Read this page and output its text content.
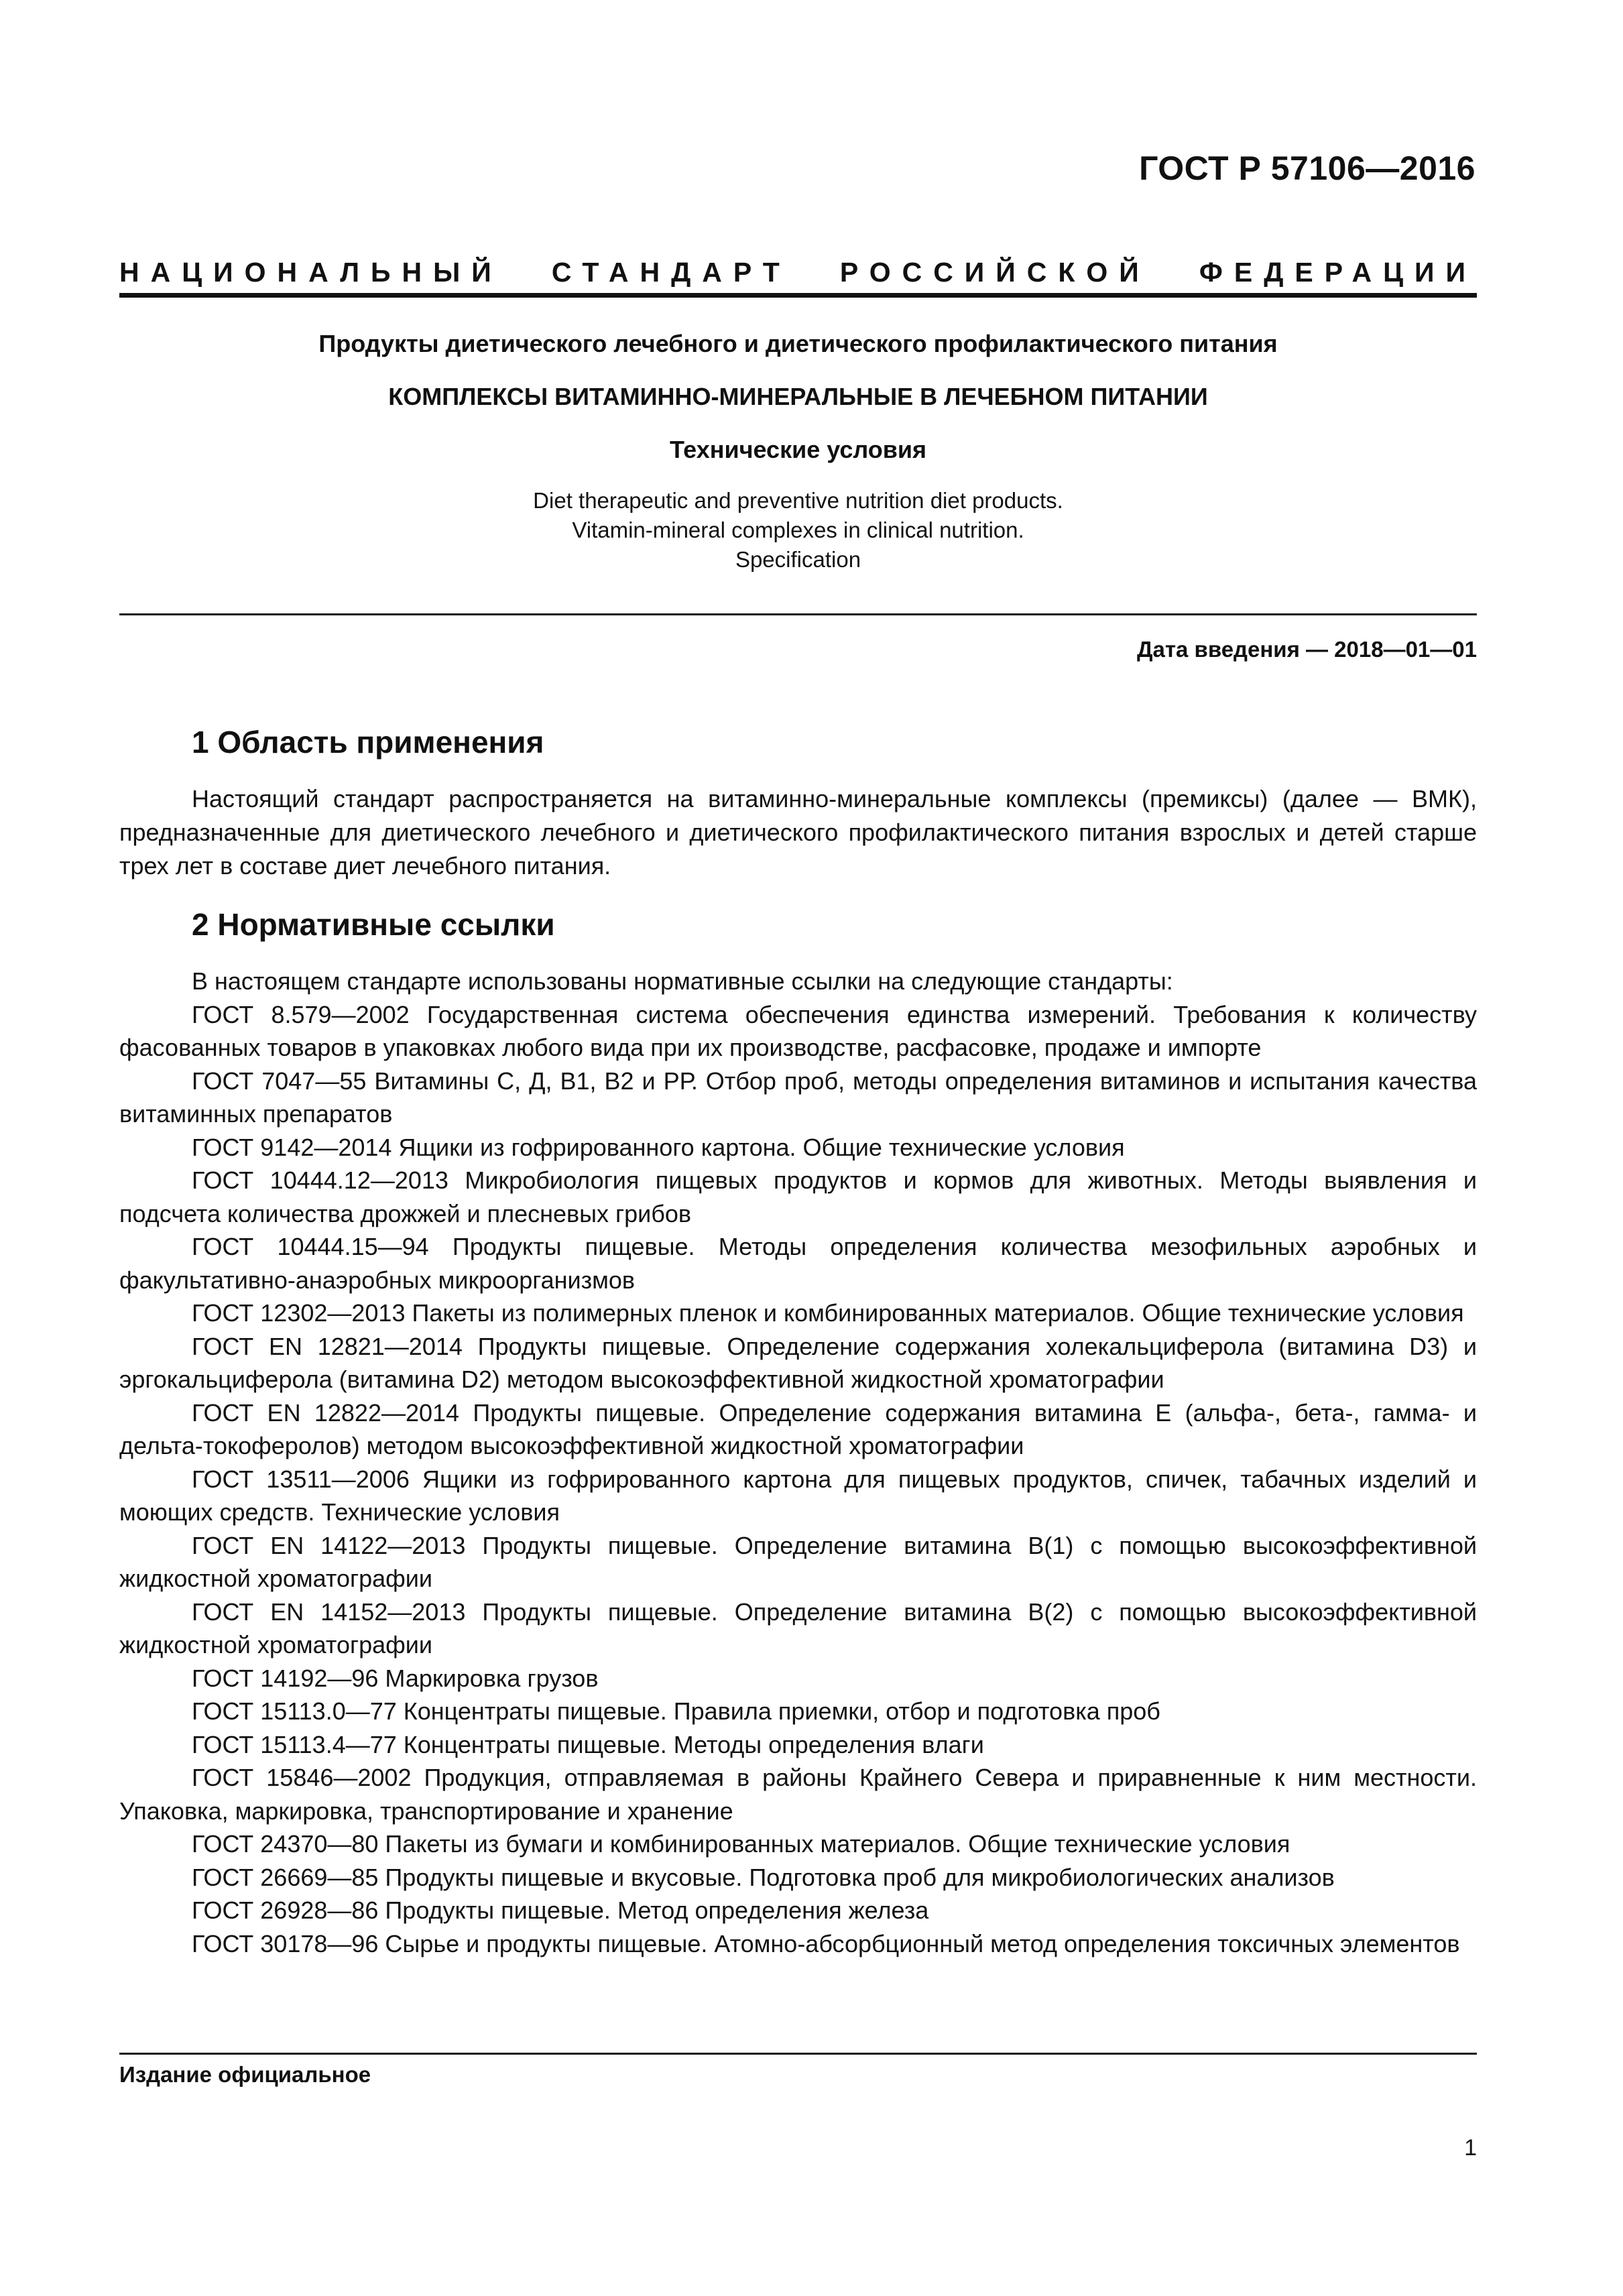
ГОСТ Р 57106—2016
НАЦИОНАЛЬНЫЙ СТАНДАРТ РОССИЙСКОЙ ФЕДЕРАЦИИ
Продукты диетического лечебного и диетического профилактического питания
КОМПЛЕКСЫ ВИТАМИННО-МИНЕРАЛЬНЫЕ В ЛЕЧЕБНОМ ПИТАНИИ
Технические условия
Diet therapeutic and preventive nutrition diet products.
Vitamin-mineral complexes in clinical nutrition.
Specification
Дата введения — 2018—01—01
1 Область применения

Настоящий стандарт распространяется на витаминно-минеральные комплексы (премиксы) (далее — ВМК), предназначенные для диетического лечебного и диетического профилактического питания взрослых и детей старше трех лет в составе диет лечебного питания.

2 Нормативные ссылки

В настоящем стандарте использованы нормативные ссылки на следующие стандарты:

ГОСТ 8.579—2002 Государственная система обеспечения единства измерений. Требования к количеству фасованных товаров в упаковках любого вида при их производстве, расфасовке, продаже и импорте

ГОСТ 7047—55 Витамины С, Д, В1, В2 и РР. Отбор проб, методы определения витаминов и испытания качества витаминных препаратов

ГОСТ 9142—2014 Ящики из гофрированного картона. Общие технические условия

ГОСТ 10444.12—2013 Микробиология пищевых продуктов и кормов для животных. Методы выявления и подсчета количества дрожжей и плесневых грибов

ГОСТ 10444.15—94 Продукты пищевые. Методы определения количества мезофильных аэробных и факультативно-анаэробных микроорганизмов

ГОСТ 12302—2013 Пакеты из полимерных пленок и комбинированных материалов. Общие технические условия

ГОСТ EN 12821—2014 Продукты пищевые. Определение содержания холекальциферола (витамина D3) и эргокальциферола (витамина D2) методом высокоэффективной жидкостной хроматографии

ГОСТ EN 12822—2014 Продукты пищевые. Определение содержания витамина Е (альфа-, бета-, гамма- и дельта-токоферолов) методом высокоэффективной жидкостной хроматографии

ГОСТ 13511—2006 Ящики из гофрированного картона для пищевых продуктов, спичек, табачных изделий и моющих средств. Технические условия

ГОСТ EN 14122—2013 Продукты пищевые. Определение витамина В(1) с помощью высокоэффективной жидкостной хроматографии

ГОСТ EN 14152—2013 Продукты пищевые. Определение витамина В(2) с помощью высокоэффективной жидкостной хроматографии

ГОСТ 14192—96 Маркировка грузов

ГОСТ 15113.0—77 Концентраты пищевые. Правила приемки, отбор и подготовка проб

ГОСТ 15113.4—77 Концентраты пищевые. Методы определения влаги

ГОСТ 15846—2002 Продукция, отправляемая в районы Крайнего Севера и приравненные к ним местности. Упаковка, маркировка, транспортирование и хранение

ГОСТ 24370—80 Пакеты из бумаги и комбинированных материалов. Общие технические условия

ГОСТ 26669—85 Продукты пищевые и вкусовые. Подготовка проб для микробиологических анализов

ГОСТ 26928—86 Продукты пищевые. Метод определения железа

ГОСТ 30178—96 Сырье и продукты пищевые. Атомно-абсорбционный метод определения токсичных элементов

Издание официальное
1
